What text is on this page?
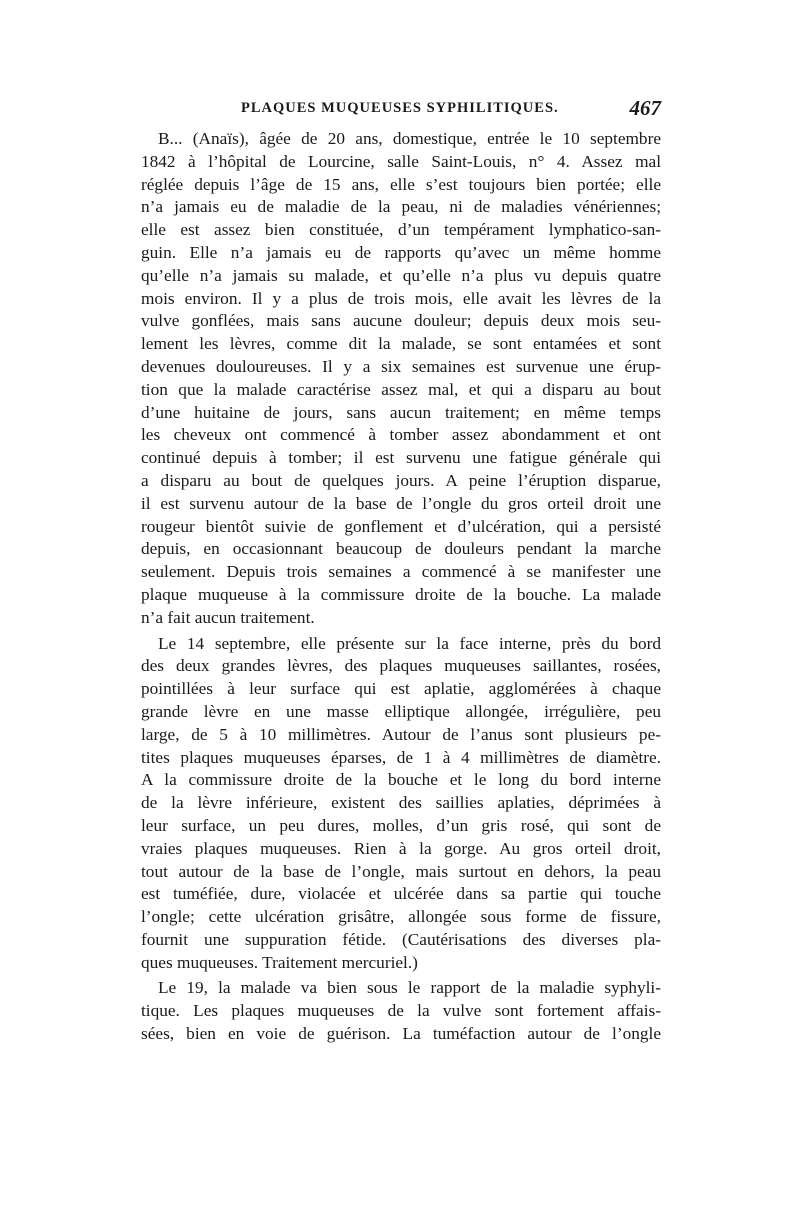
PLAQUES MUQUEUSES SYPHILITIQUES.	467
B... (Anaïs), âgée de 20 ans, domestique, entrée le 10 septembre
1842 à l’hôpital de Lourcine, salle Saint-Louis, n° 4. Assez mal
réglée depuis l’âge de 15 ans, elle s’est toujours bien portée; elle
n’a jamais eu de maladie de la peau, ni de maladies vénériennes;
elle est assez bien constituée, d’un tempérament lymphatico-san-
guin. Elle n’a jamais eu de rapports qu’avec un même homme
qu’elle n’a jamais su malade, et qu’elle n’a plus vu depuis quatre
mois environ. Il y a plus de trois mois, elle avait les lèvres de la
vulve gonflées, mais sans aucune douleur; depuis deux mois seu-
lement les lèvres, comme dit la malade, se sont entamées et sont
devenues douloureuses. Il y a six semaines est survenue une érup-
tion que la malade caractérise assez mal, et qui a disparu au bout
d’une huitaine de jours, sans aucun traitement; en même temps
les cheveux ont commencé à tomber assez abondamment et ont
continué depuis à tomber; il est survenu une fatigue générale qui
a disparu au bout de quelques jours. A peine l’éruption disparue,
il est survenu autour de la base de l’ongle du gros orteil droit une
rougeur bientôt suivie de gonflement et d’ulcération, qui a persisté
depuis, en occasionnant beaucoup de douleurs pendant la marche
seulement. Depuis trois semaines a commencé à se manifester une
plaque muqueuse à la commissure droite de la bouche. La malade
n’a fait aucun traitement.
Le 14 septembre, elle présente sur la face interne, près du bord
des deux grandes lèvres, des plaques muqueuses saillantes, rosées,
pointillées à leur surface qui est aplatie, agglomérées à chaque
grande lèvre en une masse elliptique allongée, irrégulière, peu
large, de 5 à 10 millimètres. Autour de l’anus sont plusieurs pe-
tites plaques muqueuses éparses, de 1 à 4 millimètres de diamètre.
A la commissure droite de la bouche et le long du bord interne
de la lèvre inférieure, existent des saillies aplaties, déprimées à
leur surface, un peu dures, molles, d’un gris rosé, qui sont de
vraies plaques muqueuses. Rien à la gorge. Au gros orteil droit,
tout autour de la base de l’ongle, mais surtout en dehors, la peau
est tuméfiée, dure, violacée et ulcérée dans sa partie qui touche
l’ongle; cette ulcération grisâtre, allongée sous forme de fissure,
fournit une suppuration fétide. (Cautérisations des diverses pla-
ques muqueuses. Traitement mercuriel.)
Le 19, la malade va bien sous le rapport de la maladie syphyli-
tique. Les plaques muqueuses de la vulve sont fortement affais-
sées, bien en voie de guérison. La tuméfaction autour de l’ongle
